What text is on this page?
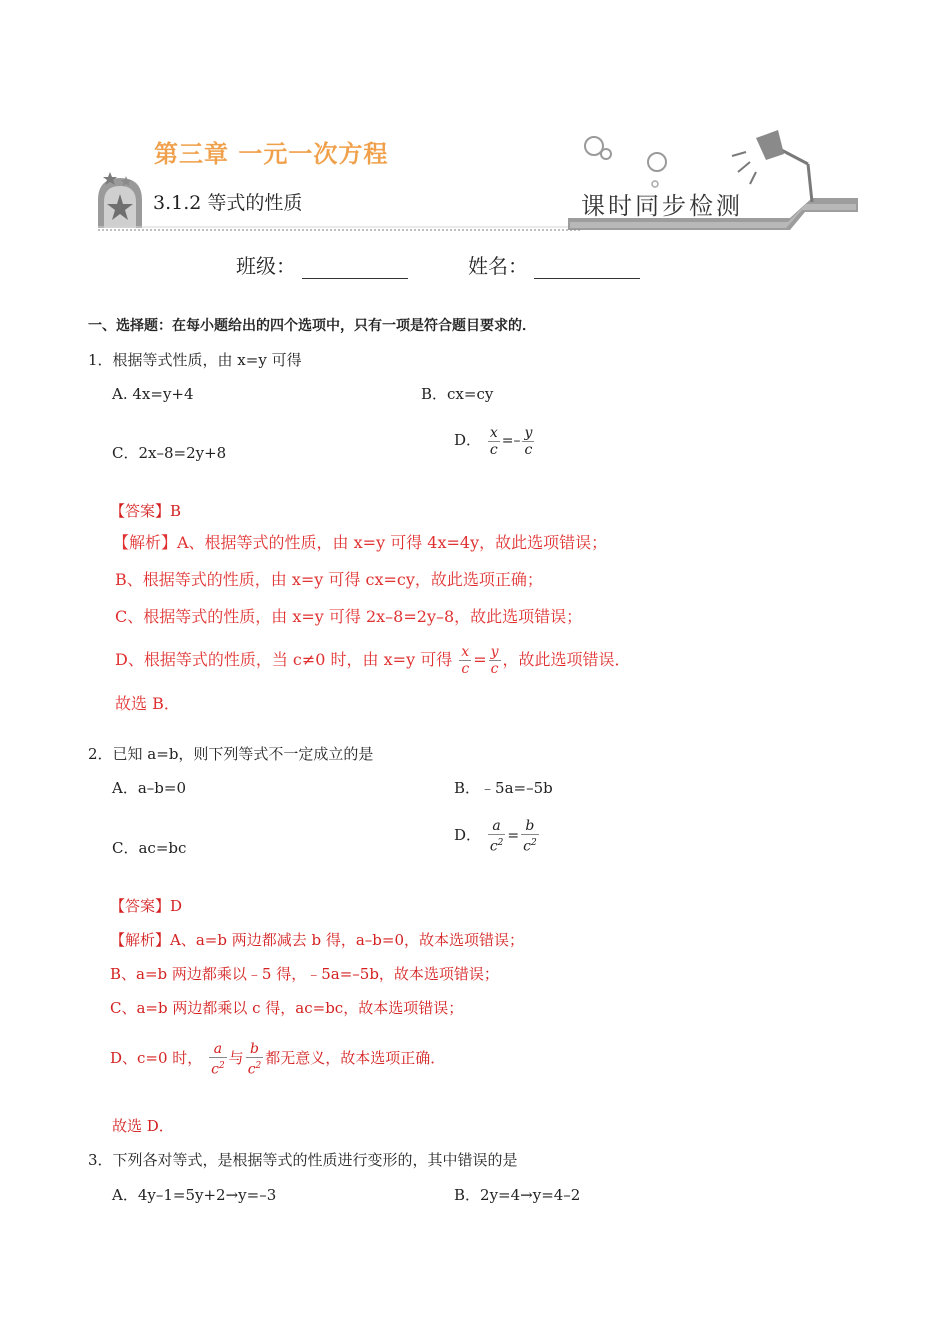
第三章 一元一次方程
3.1.2 等式的性质	课时同步检测
班级：	姓名：
一、选择题：在每小题给出的四个选项中，只有一项是符合题目要求的．
1．根据等式性质，由 x=y 可得
A. 4x=y+4	B．cx=cy
C．2x–8=2y+8
D． $\frac{x}{c} =- \frac{y}{c}$
【答案】B
【解析】A、根据等式的性质，由 x=y 可得 4x=4y，故此选项错误；
B、根据等式的性质，由 x=y 可得 cx=cy，故此选项正确；
C、根据等式的性质，由 x=y 可得 2x–8=2y–8，故此选项错误；
D、根据等式的性质，当 c≠0 时，由 x=y 可得 $\frac{x}{c} = \frac{y}{c}$ ，故此选项错误．
故选 B．
2．已知 a=b，则下列等式不一定成立的是
A．a–b=0	B．﹣5a=–5b
C．ac=bc
D． $\frac{a}{c^2} = \frac{b}{c^2}$
【答案】D
【解析】A、a=b 两边都减去 b 得，a–b=0，故本选项错误；
B、a=b 两边都乘以﹣5 得，﹣5a=–5b，故本选项错误；
C、a=b 两边都乘以 c 得，ac=bc，故本选项错误；
D、c=0 时， $\frac{a}{c^2}$ 与 $\frac{b}{c^2}$ 都无意义，故本选项正确．
故选 D．
3．下列各对等式，是根据等式的性质进行变形的，其中错误的是
A．4y–1=5y+2→y=–3	B．2y=4→y=4–2
